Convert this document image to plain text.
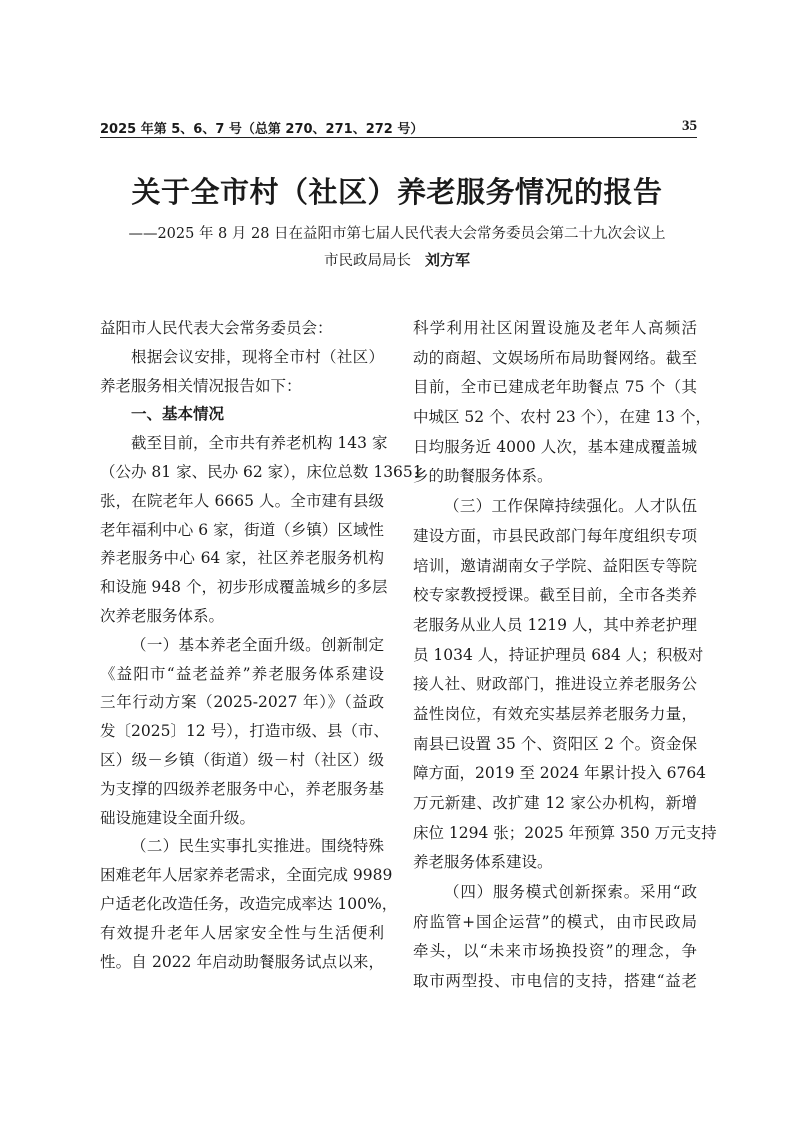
2025 年第 5、6、7 号（总第 270、271、272 号）	35
关于全市村（社区）养老服务情况的报告
——2025 年 8 月 28 日在益阳市第七届人民代表大会常务委员会第二十九次会议上
市民政局局长 刘方军
益阳市人民代表大会常务委员会：
根据会议安排，现将全市村（社区）
养老服务相关情况报告如下：
一、基本情况
截至目前，全市共有养老机构 143 家
（公办 81 家、民办 62 家），床位总数 13651
张，在院老年人 6665 人。全市建有县级
老年福利中心 6 家，街道（乡镇）区域性
养老服务中心 64 家，社区养老服务机构
和设施 948 个，初步形成覆盖城乡的多层
次养老服务体系。
（一）基本养老全面升级。创新制定
《益阳市“益老益养”养老服务体系建设
三年行动方案（2025-2027 年）》（益政
发〔2025〕12 号），打造市级、县（市、
区）级－乡镇（街道）级－村（社区）级
为支撑的四级养老服务中心，养老服务基
础设施建设全面升级。
（二）民生实事扎实推进。围绕特殊
困难老年人居家养老需求，全面完成 9989
户适老化改造任务，改造完成率达 100%，
有效提升老年人居家安全性与生活便利
性。自 2022 年启动助餐服务试点以来，
科学利用社区闲置设施及老年人高频活
动的商超、文娱场所布局助餐网络。截至
目前，全市已建成老年助餐点 75 个（其
中城区 52 个、农村 23 个），在建 13 个，
日均服务近 4000 人次，基本建成覆盖城
乡的助餐服务体系。
（三）工作保障持续强化。人才队伍
建设方面，市县民政部门每年度组织专项
培训，邀请湖南女子学院、益阳医专等院
校专家教授授课。截至目前，全市各类养
老服务从业人员 1219 人，其中养老护理
员 1034 人，持证护理员 684 人；积极对
接人社、财政部门，推进设立养老服务公
益性岗位，有效充实基层养老服务力量，
南县已设置 35 个、资阳区 2 个。资金保
障方面，2019 至 2024 年累计投入 6764
万元新建、改扩建 12 家公办机构，新增
床位 1294 张；2025 年预算 350 万元支持
养老服务体系建设。
（四）服务模式创新探索。采用“政
府监管+国企运营”的模式，由市民政局
牵头，以“未来市场换投资”的理念，争
取市两型投、市电信的支持，搭建“益老
